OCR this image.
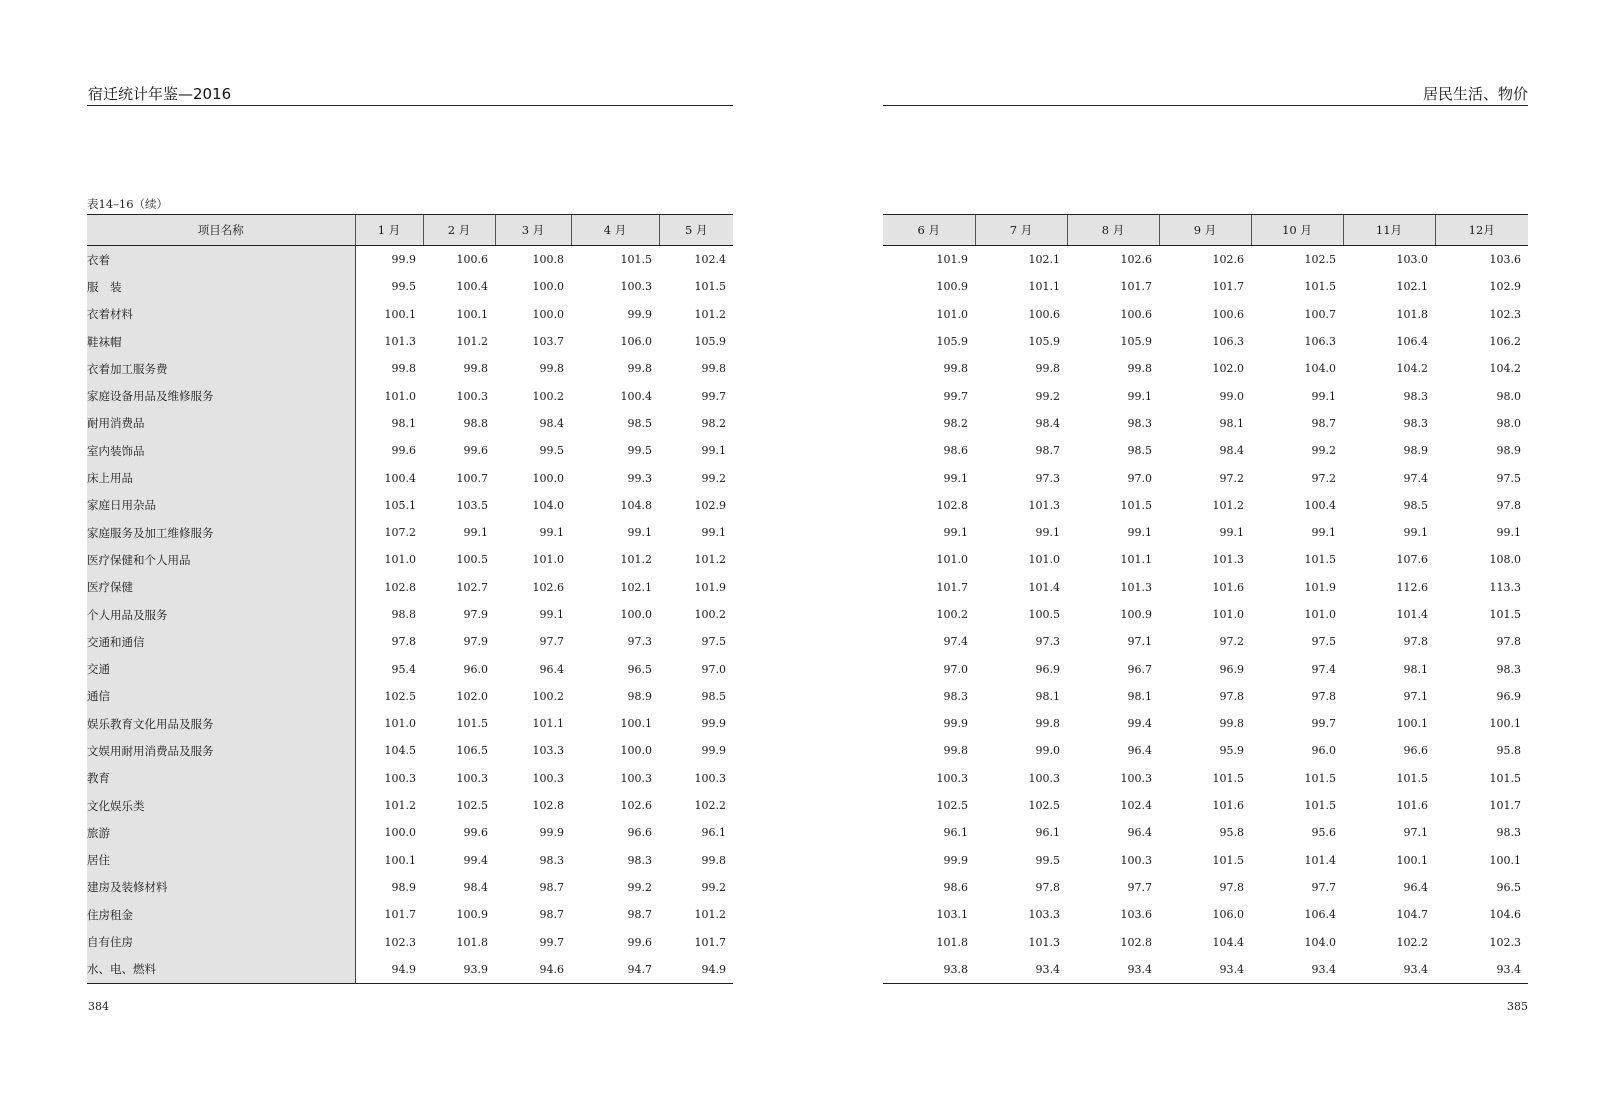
宿迁统计年鉴—2016
表14–16（续）
项目名称	1 月	2 月	3 月	4 月	5 月
衣着	99.9	100.6	100.8	101.5	102.4
服　装	99.5	100.4	100.0	100.3	101.5
衣着材料	100.1	100.1	100.0	99.9	101.2
鞋袜帽	101.3	101.2	103.7	106.0	105.9
衣着加工服务费	99.8	99.8	99.8	99.8	99.8
家庭设备用品及维修服务	101.0	100.3	100.2	100.4	99.7
耐用消费品	98.1	98.8	98.4	98.5	98.2
室内装饰品	99.6	99.6	99.5	99.5	99.1
床上用品	100.4	100.7	100.0	99.3	99.2
家庭日用杂品	105.1	103.5	104.0	104.8	102.9
家庭服务及加工维修服务	107.2	99.1	99.1	99.1	99.1
医疗保健和个人用品	101.0	100.5	101.0	101.2	101.2
医疗保健	102.8	102.7	102.6	102.1	101.9
个人用品及服务	98.8	97.9	99.1	100.0	100.2
交通和通信	97.8	97.9	97.7	97.3	97.5
交通	95.4	96.0	96.4	96.5	97.0
通信	102.5	102.0	100.2	98.9	98.5
娱乐教育文化用品及服务	101.0	101.5	101.1	100.1	99.9
文娱用耐用消费品及服务	104.5	106.5	103.3	100.0	99.9
教育	100.3	100.3	100.3	100.3	100.3
文化娱乐类	101.2	102.5	102.8	102.6	102.2
旅游	100.0	99.6	99.9	96.6	96.1
居住	100.1	99.4	98.3	98.3	99.8
建房及装修材料	98.9	98.4	98.7	99.2	99.2
住房租金	101.7	100.9	98.7	98.7	101.2
自有住房	102.3	101.8	99.7	99.6	101.7
水、电、燃料	94.9	93.9	94.6	94.7	94.9
384
居民生活、物价
6 月	7 月	8 月	9 月	10 月	11月	12月
101.9	102.1	102.6	102.6	102.5	103.0	103.6
100.9	101.1	101.7	101.7	101.5	102.1	102.9
101.0	100.6	100.6	100.6	100.7	101.8	102.3
105.9	105.9	105.9	106.3	106.3	106.4	106.2
99.8	99.8	99.8	102.0	104.0	104.2	104.2
99.7	99.2	99.1	99.0	99.1	98.3	98.0
98.2	98.4	98.3	98.1	98.7	98.3	98.0
98.6	98.7	98.5	98.4	99.2	98.9	98.9
99.1	97.3	97.0	97.2	97.2	97.4	97.5
102.8	101.3	101.5	101.2	100.4	98.5	97.8
99.1	99.1	99.1	99.1	99.1	99.1	99.1
101.0	101.0	101.1	101.3	101.5	107.6	108.0
101.7	101.4	101.3	101.6	101.9	112.6	113.3
100.2	100.5	100.9	101.0	101.0	101.4	101.5
97.4	97.3	97.1	97.2	97.5	97.8	97.8
97.0	96.9	96.7	96.9	97.4	98.1	98.3
98.3	98.1	98.1	97.8	97.8	97.1	96.9
99.9	99.8	99.4	99.8	99.7	100.1	100.1
99.8	99.0	96.4	95.9	96.0	96.6	95.8
100.3	100.3	100.3	101.5	101.5	101.5	101.5
102.5	102.5	102.4	101.6	101.5	101.6	101.7
96.1	96.1	96.4	95.8	95.6	97.1	98.3
99.9	99.5	100.3	101.5	101.4	100.1	100.1
98.6	97.8	97.7	97.8	97.7	96.4	96.5
103.1	103.3	103.6	106.0	106.4	104.7	104.6
101.8	101.3	102.8	104.4	104.0	102.2	102.3
93.8	93.4	93.4	93.4	93.4	93.4	93.4
385
